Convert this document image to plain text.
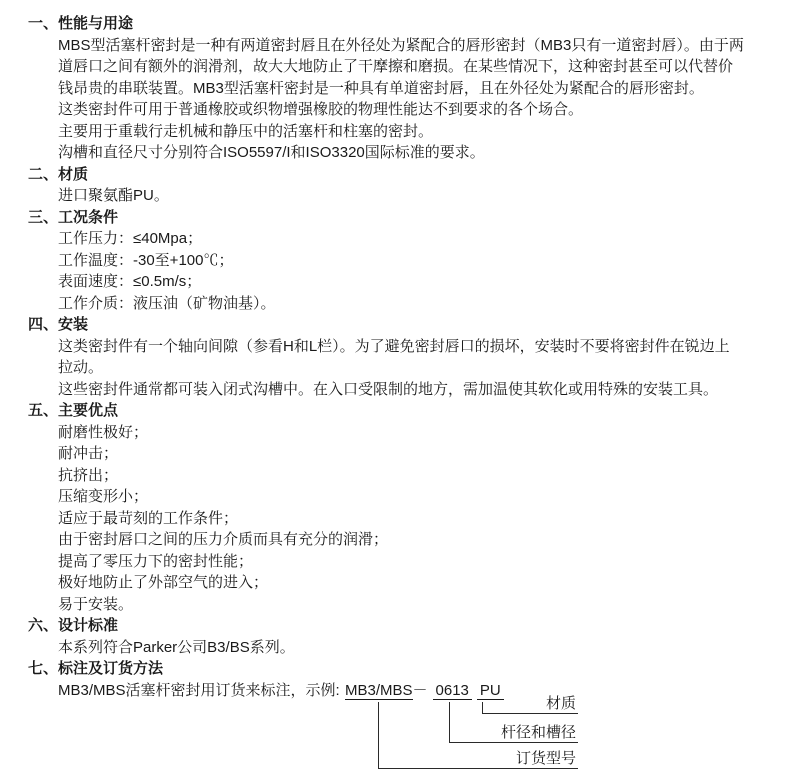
一、性能与用途
MBS型活塞杆密封是一种有两道密封唇且在外径处为紧配合的唇形密封（MB3只有一道密封唇）。由于两
道唇口之间有额外的润滑剂，故大大地防止了干摩擦和磨损。在某些情况下，这种密封甚至可以代替价
钱昂贵的串联装置。MB3型活塞杆密封是一种具有单道密封唇，且在外径处为紧配合的唇形密封。
这类密封件可用于普通橡胶或织物增强橡胶的物理性能达不到要求的各个场合。
主要用于重载行走机械和静压中的活塞杆和柱塞的密封。
沟槽和直径尺寸分别符合ISO5597/I和ISO3320国际标准的要求。
二、材质
进口聚氨酯PU。
三、工况条件
工作压力：≤40Mpa；
工作温度：-30至+100℃；
表面速度：≤0.5m/s；
工作介质：液压油（矿物油基）。
四、安装
这类密封件有一个轴向间隙（参看H和L栏）。为了避免密封唇口的损坏，安装时不要将密封件在锐边上
拉动。
这些密封件通常都可装入闭式沟槽中。在入口受限制的地方，需加温使其软化或用特殊的安装工具。
五、主要优点
耐磨性极好；
耐冲击；
抗挤出；
压缩变形小；
适应于最苛刻的工作条件；
由于密封唇口之间的压力介质而具有充分的润滑；
提高了零压力下的密封性能；
极好地防止了外部空气的进入；
易于安装。
六、设计标准
本系列符合Parker公司B3/BS系列。
七、标注及订货方法
MB3/MBS活塞杆密封用订货来标注，示例: MB3/MBS－ 0613 PU
材质
杆径和槽径
订货型号
